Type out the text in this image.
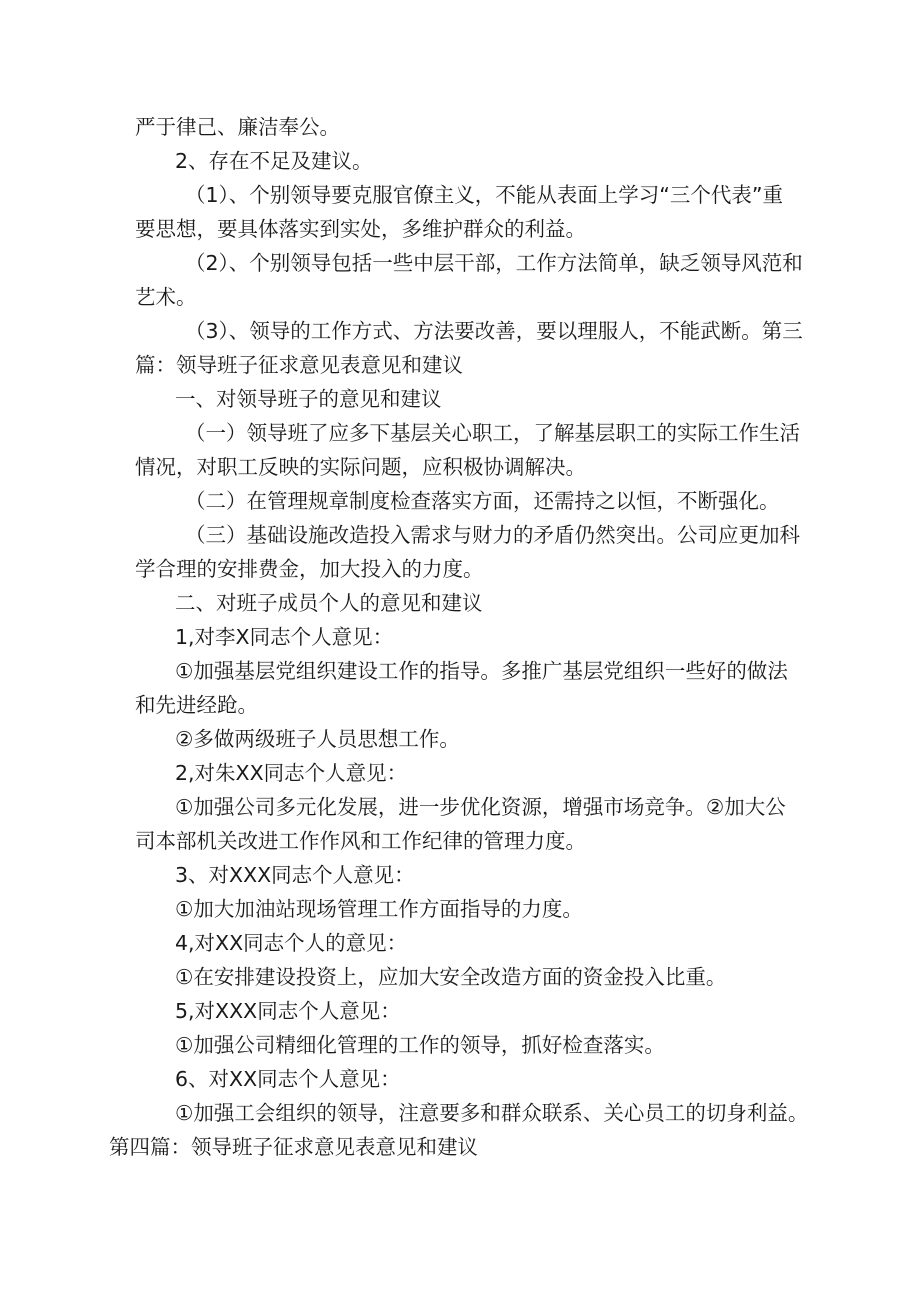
严于律己、廉洁奉公。

2、存在不足及建议。

（1）、个别领导要克服官僚主义，不能从表面上学习“三个代表”重

要思想，要具体落实到实处，多维护群众的利益。

（2）、个别领导包括一些中层干部，工作方法简单，缺乏领导风范和

艺术。

（3）、领导的工作方式、方法要改善，要以理服人，不能武断。第三

篇：领导班子征求意见表意见和建议

一、对领导班子的意见和建议

（一）领导班了应多下基层关心职工，了解基层职工的实际工作生活

情况，对职工反映的实际问题，应积极协调解决。

（二）在管理规章制度检查落实方面，还需持之以恒，不断强化。

（三）基础设施改造投入需求与财力的矛盾仍然突出。公司应更加科

学合理的安排费金，加大投入的力度。

二、对班子成员个人的意见和建议

1,对李X同志个人意见：

①加强基层党组织建设工作的指导。多推广基层党组织一些好的做法

和先进经跄。

②多做两级班子人员思想工作。

2,对朱XX同志个人意见：

①加强公司多元化发展，进一步优化资源，增强市场竞争。②加大公

司本部机关改进工作作风和工作纪律的管理力度。

3、对XXX同志个人意见：

①加大加油站现场管理工作方面指导的力度。

4,对XX同志个人的意见：

①在安排建设投资上，应加大安全改造方面的资金投入比重。

5,对XXX同志个人意见：

①加强公司精细化管理的工作的领导，抓好检查落实。

6、对XX同志个人意见：

①加强工会组织的领导，注意要多和群众联系、关心员工的切身利益。

第四篇：领导班子征求意见表意见和建议
